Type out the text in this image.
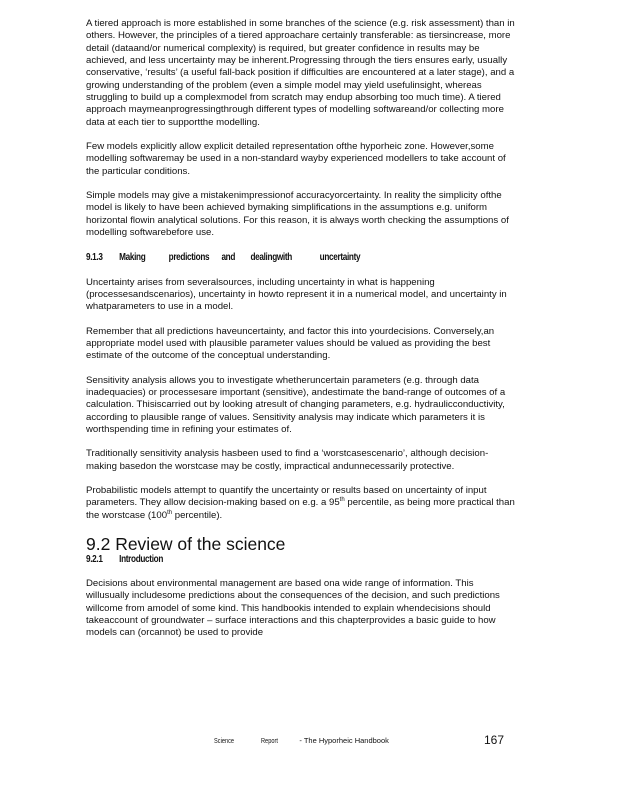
A tiered approach is more established in some branches of the science (e.g. risk assessment) than in others. However, the principles of a tiered approachare certainly transferable: as tiersincrease, more detail (dataand/or numerical complexity) is required, but greater confidence in results may be achieved, and less uncertainty may be inherent.Progressing through the tiers ensures early, usually conservative, ‘results’ (a useful fall-back position if difficulties are encountered at a later stage), and a growing understanding of the problem (even a simple model may yield usefulinsight, whereas struggling to build up a complexmodel from scratch may endup absorbing too much time). A tiered approach maymeanprogressingthrough different types of modelling softwareand/or collecting more data at each tier to supportthe modelling.

Few models explicitly allow explicit detailed representation ofthe hyporheic zone. However,some modelling softwaremay be used in a non-standard wayby experienced modellers to take account of the particular conditions.

Simple models may give a mistakenimpressionof accuracyorcertainty. In reality the simplicity ofthe model is likely to have been achieved bymaking simplifications in the assumptions e.g. uniform horizontal flowin analytical solutions. For this reason, it is always worth checking the assumptions of modelling softwarebefore use.

9.1.3 Making predictions and dealingwith	uncertainty

Uncertainty arises from severalsources, including uncertainty in what is happening (processesandscenarios), uncertainty in howto represent it in a numerical model, and uncertainty in whatparameters to use in a model.

Remember that all predictions haveuncertainty, and factor this into yourdecisions. Conversely,an appropriate model used with plausible parameter values should be valued as providing the best estimate of the outcome of the conceptual understanding.

Sensitivity analysis allows you to investigate whetheruncertain parameters (e.g. through data inadequacies) or processesare important (sensitive), andestimate the band-range of outcomes of a calculation. Thisiscarried out by looking atresult of changing parameters, e.g. hydraulicconductivity, according to plausible range of values. Sensitivity analysis may indicate which parameters it is worthspending time in refining your estimates of.

Traditionally sensitivity analysis hasbeen used to find a ‘worstcasescenario’, although decision-making basedon the worstcase may be costly, impractical andunnecessarily protective.

Probabilistic models attempt to quantify the uncertainty or results based on uncertainty of input parameters. They allow decision-making based on e.g. a 95th percentile, as being more practical than the worstcase (100th percentile).

9.2 Review of the science
9.2.1 Introduction

Decisions about environmental management are based ona wide range of information. This willusually includesome predictions about the consequences of the decision, and such predictions willcome from amodel of some kind. This handbookis intended to explain whendecisions should takeaccount of groundwater – surface interactions and this chapterprovides a basic guide to how models can (orcannot) be used to provide

Science	Report	- The Hyporheic Handbook	167
